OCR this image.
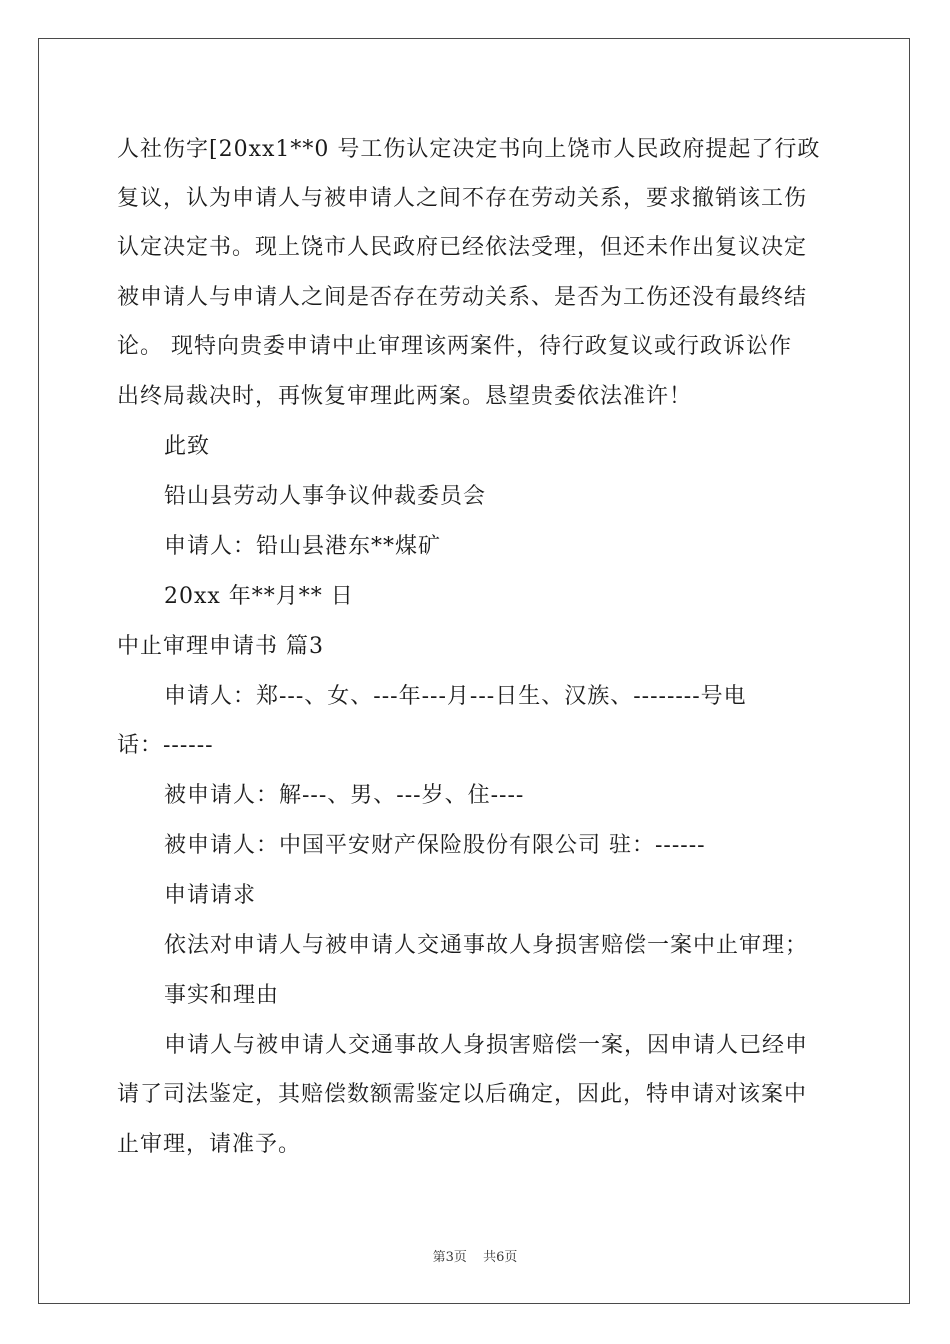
人社伤字[20xx1**0 号工伤认定决定书向上饶市人民政府提起了行政
复议，认为申请人与被申请人之间不存在劳动关系，要求撤销该工伤
认定决定书。现上饶市人民政府已经依法受理，但还未作出复议决定
被申请人与申请人之间是否存在劳动关系、是否为工伤还没有最终结
论。 现特向贵委申请中止审理该两案件，待行政复议或行政诉讼作
出终局裁决时，再恢复审理此两案。恳望贵委依法准许！
此致
铅山县劳动人事争议仲裁委员会
申请人：铅山县港东**煤矿
20xx 年**月** 日
中止审理申请书 篇3
申请人：郑---、女、---年---月---日生、汉族、--------号电
话：------
被申请人：解---、男、---岁、住----
被申请人：中国平安财产保险股份有限公司 驻：------
申请请求
依法对申请人与被申请人交通事故人身损害赔偿一案中止审理；
事实和理由
申请人与被申请人交通事故人身损害赔偿一案，因申请人已经申
请了司法鉴定，其赔偿数额需鉴定以后确定，因此，特申请对该案中
止审理，请准予。
第3页 共6页
